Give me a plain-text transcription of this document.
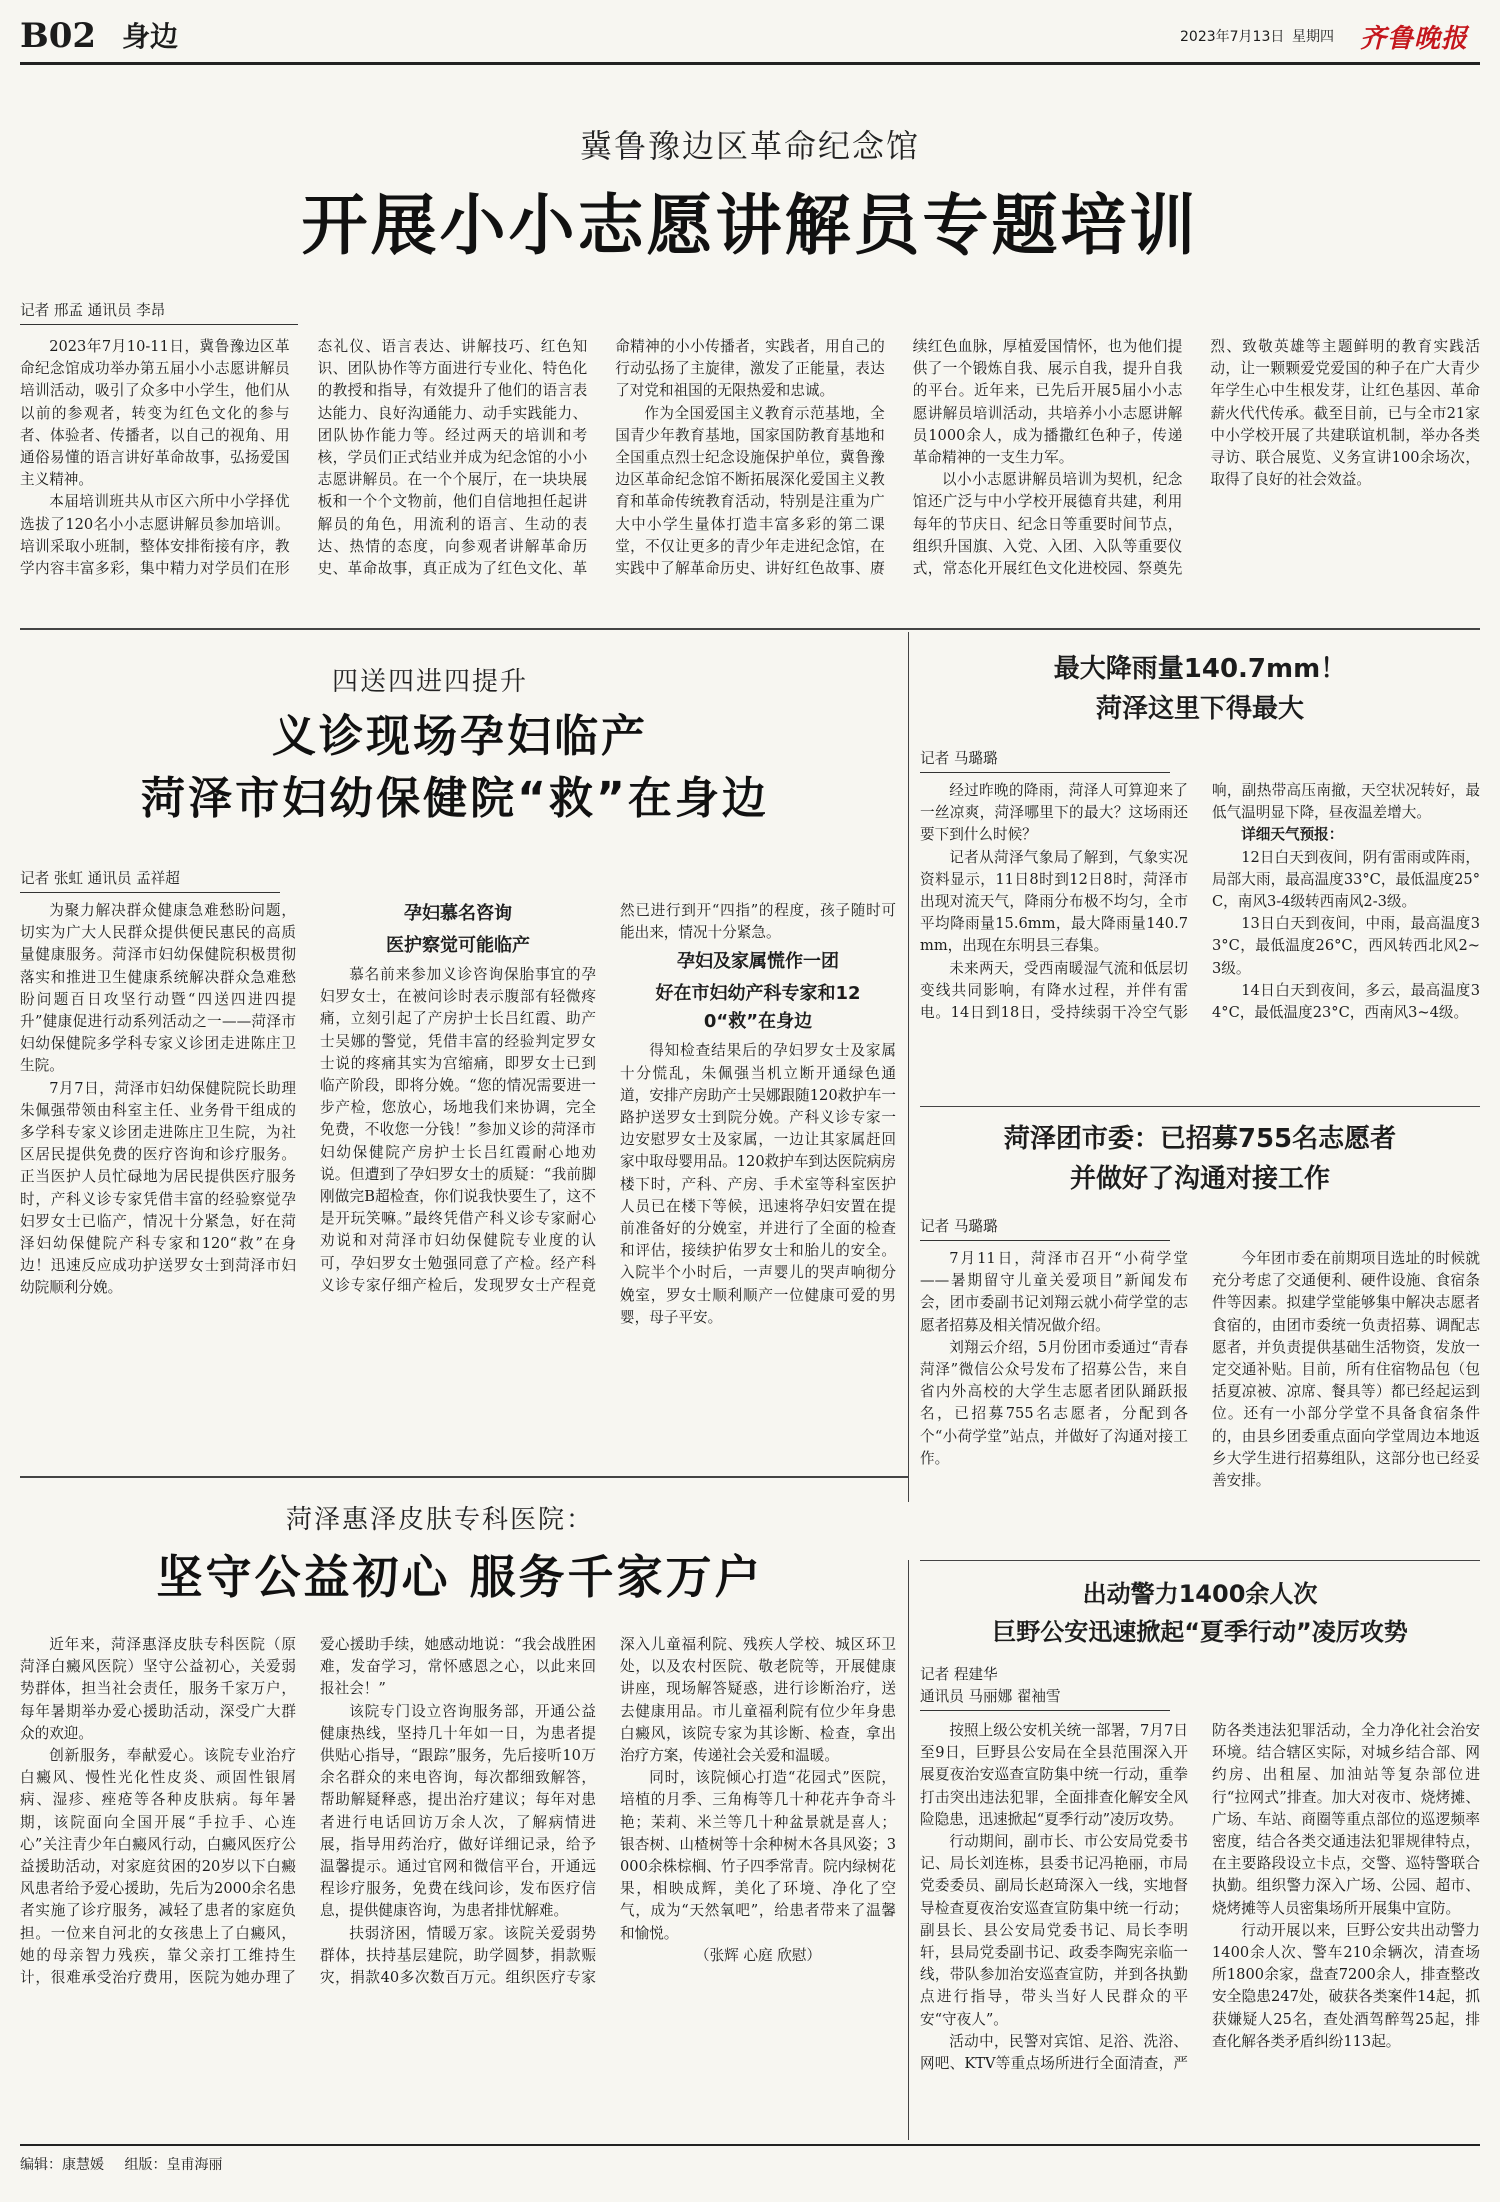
B02 身边	2023年7月13日 星期四 齐鲁晚报
冀鲁豫边区革命纪念馆
开展小小志愿讲解员专题培训
记者 邢孟 通讯员 李昂

2023年7月10-11日，冀鲁豫边区革命纪念馆成功举办第五届小小志愿讲解员培训活动，吸引了众多中小学生，他们从以前的参观者，转变为红色文化的参与者、体验者、传播者，以自己的视角、用通俗易懂的语言讲好革命故事，弘扬爱国主义精神。

本届培训班共从市区六所中小学择优选拔了120名小小志愿讲解员参加培训。培训采取小班制，整体安排衔接有序，教学内容丰富多彩，集中精力对学员们在形态礼仪、语言表达、讲解技巧、红色知识、团队协作等方面进行专业化、特色化的教授和指导，有效提升了他们的语言表达能力、良好沟通能力、动手实践能力、团队协作能力等。经过两天的培训和考核，学员们正式结业并成为纪念馆的小小志愿讲解员。在一个个展厅，在一块块展板和一个个文物前，他们自信地担任起讲解员的角色，用流利的语言、生动的表达、热情的态度，向参观者讲解革命历史、革命故事，真正成为了红色文化、革命精神的小小传播者，实践者，用自己的行动弘扬了主旋律，激发了正能量，表达了对党和祖国的无限热爱和忠诚。

作为全国爱国主义教育示范基地，全国青少年教育基地，国家国防教育基地和全国重点烈士纪念设施保护单位，冀鲁豫边区革命纪念馆不断拓展深化爱国主义教育和革命传统教育活动，特别是注重为广大中小学生量体打造丰富多彩的第二课堂，不仅让更多的青少年走进纪念馆，在实践中了解革命历史、讲好红色故事、赓续红色血脉，厚植爱国情怀，也为他们提供了一个锻炼自我、展示自我，提升自我的平台。近年来，已先后开展5届小小志愿讲解员培训活动，共培养小小志愿讲解员1000余人，成为播撒红色种子，传递革命精神的一支生力军。

以小小志愿讲解员培训为契机，纪念馆还广泛与中小学校开展德育共建，利用每年的节庆日、纪念日等重要时间节点，组织升国旗、入党、入团、入队等重要仪式，常态化开展红色文化进校园、祭奠先烈、致敬英雄等主题鲜明的教育实践活动，让一颗颗爱党爱国的种子在广大青少年学生心中生根发芽，让红色基因、革命薪火代代传承。截至目前，已与全市21家中小学校开展了共建联谊机制，举办各类寻访、联合展览、义务宣讲100余场次，取得了良好的社会效益。

四送四进四提升
义诊现场孕妇临产
菏泽市妇幼保健院“救”在身边
记者 张虹 通讯员 孟祥超

为聚力解决群众健康急难愁盼问题，切实为广大人民群众提供便民惠民的高质量健康服务。菏泽市妇幼保健院积极贯彻落实和推进卫生健康系统解决群众急难愁盼问题百日攻坚行动暨“四送四进四提升”健康促进行动系列活动之一——菏泽市妇幼保健院多学科专家义诊团走进陈庄卫生院。

7月7日，菏泽市妇幼保健院院长助理朱佩强带领由科室主任、业务骨干组成的多学科专家义诊团走进陈庄卫生院，为社区居民提供免费的医疗咨询和诊疗服务。正当医护人员忙碌地为居民提供医疗服务时，产科义诊专家凭借丰富的经验察觉孕妇罗女士已临产，情况十分紧急，好在菏泽妇幼保健院产科专家和120“救”在身边！迅速反应成功护送罗女士到菏泽市妇幼院顺利分娩。

孕妇慕名咨询
医护察觉可能临产

慕名前来参加义诊咨询保胎事宜的孕妇罗女士，在被问诊时表示腹部有轻微疼痛，立刻引起了产房护士长吕红霞、助产士吴娜的警觉，凭借丰富的经验判定罗女士说的疼痛其实为宫缩痛，即罗女士已到临产阶段，即将分娩。“您的情况需要进一步产检，您放心，场地我们来协调，完全免费，不收您一分钱！”参加义诊的菏泽市妇幼保健院产房护士长吕红霞耐心地劝说。但遭到了孕妇罗女士的质疑：“我前脚刚做完B超检查，你们说我快要生了，这不是开玩笑嘛。”最终凭借产科义诊专家耐心劝说和对菏泽市妇幼保健院专业度的认可，孕妇罗女士勉强同意了产检。经产科义诊专家仔细产检后，发现罗女士产程竟然已进行到开“四指”的程度，孩子随时可能出来，情况十分紧急。

孕妇及家属慌作一团
好在市妇幼产科专家和120“救”在身边

得知检查结果后的孕妇罗女士及家属十分慌乱，朱佩强当机立断开通绿色通道，安排产房助产士吴娜跟随120救护车一路护送罗女士到院分娩。产科义诊专家一边安慰罗女士及家属，一边让其家属赶回家中取母婴用品。120救护车到达医院病房楼下时，产科、产房、手术室等科室医护人员已在楼下等候，迅速将孕妇安置在提前准备好的分娩室，并进行了全面的检查和评估，接续护佑罗女士和胎儿的安全。入院半个小时后，一声婴儿的哭声响彻分娩室，罗女士顺利顺产一位健康可爱的男婴，母子平安。

最大降雨量140.7mm！
菏泽这里下得最大
记者 马璐璐

经过昨晚的降雨，菏泽人可算迎来了一丝凉爽，菏泽哪里下的最大？这场雨还要下到什么时候？

记者从菏泽气象局了解到，气象实况资料显示，11日8时到12日8时，菏泽市出现对流天气，降雨分布极不均匀，全市平均降雨量15.6mm，最大降雨量140.7mm，出现在东明县三春集。

未来两天，受西南暖湿气流和低层切变线共同影响，有降水过程，并伴有雷电。14日到18日，受持续弱干冷空气影响，副热带高压南撤，天空状况转好，最低气温明显下降，昼夜温差增大。

详细天气预报：

12日白天到夜间，阴有雷雨或阵雨，局部大雨，最高温度33°C，最低温度25°C，南风3-4级转西南风2-3级。

13日白天到夜间，中雨，最高温度33°C，最低温度26°C，西风转西北风2~3级。

14日白天到夜间，多云，最高温度34°C，最低温度23°C，西南风3~4级。

菏泽团市委：已招募755名志愿者
并做好了沟通对接工作
记者 马璐璐

7月11日，菏泽市召开“小荷学堂——暑期留守儿童关爱项目”新闻发布会，团市委副书记刘翔云就小荷学堂的志愿者招募及相关情况做介绍。

刘翔云介绍，5月份团市委通过“青春菏泽”微信公众号发布了招募公告，来自省内外高校的大学生志愿者团队踊跃报名，已招募755名志愿者，分配到各个“小荷学堂”站点，并做好了沟通对接工作。

今年团市委在前期项目选址的时候就充分考虑了交通便利、硬件设施、食宿条件等因素。拟建学堂能够集中解决志愿者食宿的，由团市委统一负责招募、调配志愿者，并负责提供基础生活物资，发放一定交通补贴。目前，所有住宿物品包（包括夏凉被、凉席、餐具等）都已经起运到位。还有一小部分学堂不具备食宿条件的，由县乡团委重点面向学堂周边本地返乡大学生进行招募组队，这部分也已经妥善安排。

菏泽惠泽皮肤专科医院：
坚守公益初心 服务千家万户

近年来，菏泽惠泽皮肤专科医院（原菏泽白癜风医院）坚守公益初心，关爱弱势群体，担当社会责任，服务千家万户，每年暑期举办爱心援助活动，深受广大群众的欢迎。

创新服务，奉献爱心。该院专业治疗白癜风、慢性光化性皮炎、顽固性银屑病、湿疹、痤疮等各种皮肤病。每年暑期，该院面向全国开展“手拉手、心连心”关注青少年白癜风行动，白癜风医疗公益援助活动，对家庭贫困的20岁以下白癜风患者给予爱心援助，先后为2000余名患者实施了诊疗服务，减轻了患者的家庭负担。一位来自河北的女孩患上了白癜风，她的母亲智力残疾，靠父亲打工维持生计，很难承受治疗费用，医院为她办理了爱心援助手续，她感动地说：“我会战胜困难，发奋学习，常怀感恩之心，以此来回报社会！”

该院专门设立咨询服务部，开通公益健康热线，坚持几十年如一日，为患者提供贴心指导，“跟踪”服务，先后接听10万余名群众的来电咨询，每次都细致解答，帮助解疑释惑，提出治疗建议；每年对患者进行电话回访万余人次，了解病情进展，指导用药治疗，做好详细记录，给予温馨提示。通过官网和微信平台，开通远程诊疗服务，免费在线问诊，发布医疗信息，提供健康咨询，为患者排忧解难。

扶弱济困，情暖万家。该院关爱弱势群体，扶持基层建院，助学圆梦，捐款赈灾，捐款40多次数百万元。组织医疗专家深入儿童福利院、残疾人学校、城区环卫处，以及农村医院、敬老院等，开展健康讲座，现场解答疑惑，进行诊断治疗，送去健康用品。市儿童福利院有位少年身患白癜风，该院专家为其诊断、检查，拿出治疗方案，传递社会关爱和温暖。

同时，该院倾心打造“花园式”医院，培植的月季、三角梅等几十种花卉争奇斗艳；茉莉、米兰等几十种盆景就是喜人；银杏树、山楂树等十余种树木各具风姿；3000余株棕榈、竹子四季常青。院内绿树花果，相映成辉，美化了环境、净化了空气，成为“天然氧吧”，给患者带来了温馨和愉悦。

（张辉 心庭 欣慰）

出动警力1400余人次
巨野公安迅速掀起“夏季行动”凌厉攻势
记者 程建华
通讯员 马丽娜 翟袖雪

按照上级公安机关统一部署，7月7日至9日，巨野县公安局在全县范围深入开展夏夜治安巡查宣防集中统一行动，重拳打击突出违法犯罪，全面排查化解安全风险隐患，迅速掀起“夏季行动”凌厉攻势。

行动期间，副市长、市公安局党委书记、局长刘连栋，县委书记冯艳丽，市局党委委员、副局长赵琦深入一线，实地督导检查夏夜治安巡查宣防集中统一行动；副县长、县公安局党委书记、局长李明轩，县局党委副书记、政委李陶宪亲临一线，带队参加治安巡查宣防，并到各执勤点进行指导，带头当好人民群众的平安“守夜人”。

活动中，民警对宾馆、足浴、洗浴、网吧、KTV等重点场所进行全面清查，严防各类违法犯罪活动，全力净化社会治安环境。结合辖区实际，对城乡结合部、网约房、出租屋、加油站等复杂部位进行“拉网式”排查。加大对夜市、烧烤摊、广场、车站、商圈等重点部位的巡逻频率密度，结合各类交通违法犯罪规律特点，在主要路段设立卡点，交警、巡特警联合执勤。组织警力深入广场、公园、超市、烧烤摊等人员密集场所开展集中宣防。

行动开展以来，巨野公安共出动警力1400余人次、警车210余辆次，清查场所1800余家，盘查7200余人，排查整改安全隐患247处，破获各类案件14起，抓获嫌疑人25名，查处酒驾醉驾25起，排查化解各类矛盾纠纷113起。

编辑：康慧媛 组版：皇甫海丽
